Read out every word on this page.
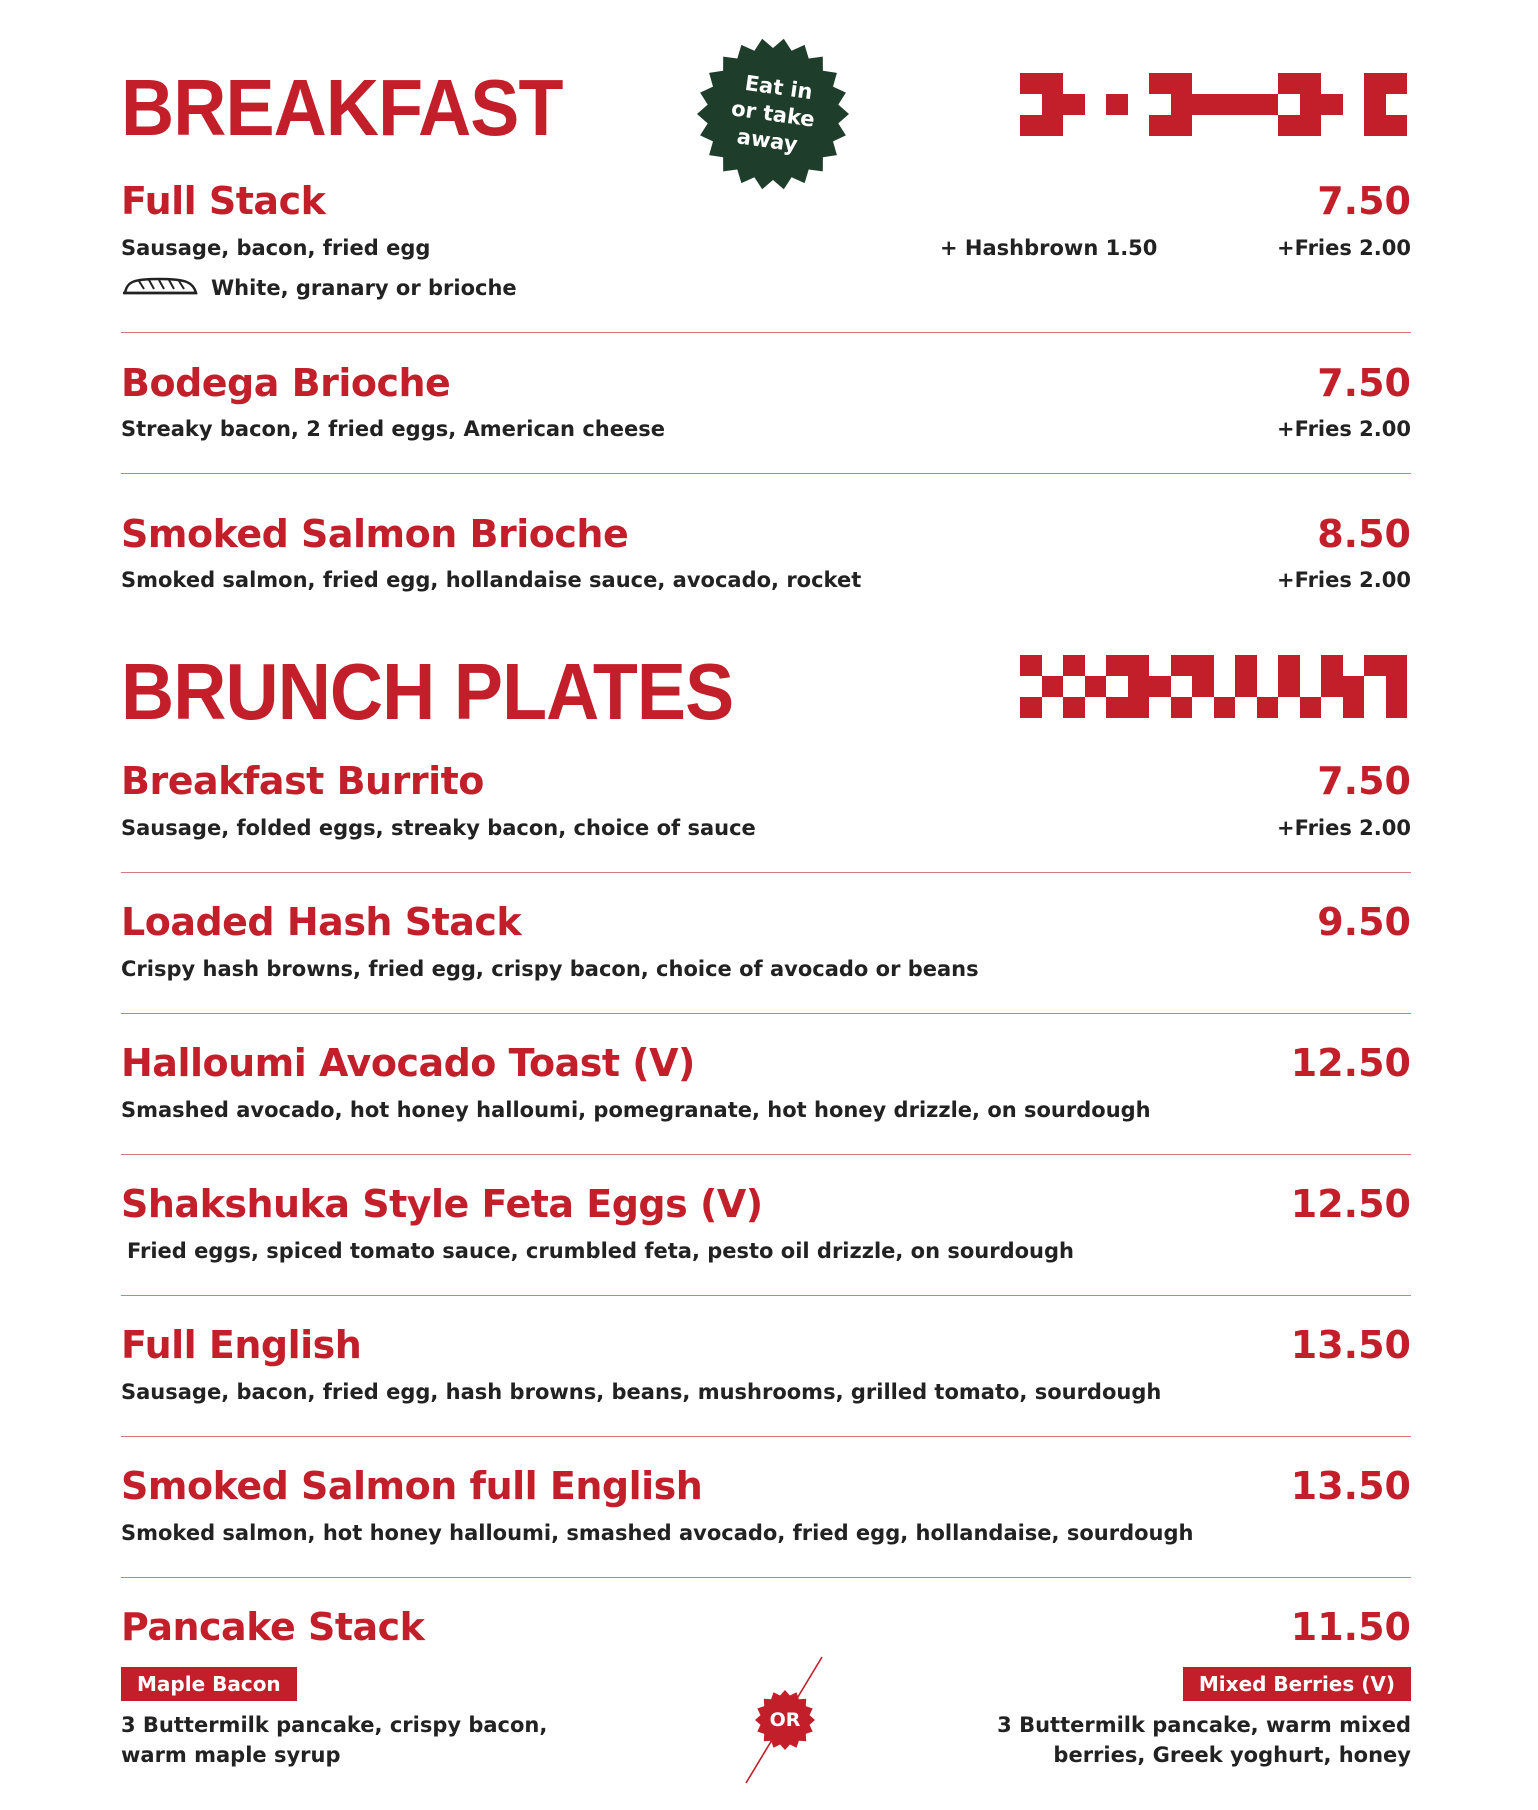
BREAKFAST	Eat in
or take
away
Full Stack	7.50
Sausage, bacon, fried egg	+ Hashbrown 1.50	+Fries 2.00
White, granary or brioche
Bodega Brioche	7.50
Streaky bacon, 2 fried eggs, American cheese	+Fries 2.00
Smoked Salmon Brioche	8.50
Smoked salmon, fried egg, hollandaise sauce, avocado, rocket	+Fries 2.00
BRUNCH PLATES
Breakfast Burrito	7.50
Sausage, folded eggs, streaky bacon, choice of sauce	+Fries 2.00
Loaded Hash Stack	9.50
Crispy hash browns, fried egg, crispy bacon, choice of avocado or beans
Halloumi Avocado Toast (V)	12.50
Smashed avocado, hot honey halloumi, pomegranate, hot honey drizzle, on sourdough
Shakshuka Style Feta Eggs (V)	12.50
Fried eggs, spiced tomato sauce, crumbled feta, pesto oil drizzle, on sourdough
Full English	13.50
Sausage, bacon, fried egg, hash browns, beans, mushrooms, grilled tomato, sourdough
Smoked Salmon full English	13.50
Smoked salmon, hot honey halloumi, smashed avocado, fried egg, hollandaise, sourdough
Pancake Stack	11.50
Maple Bacon
3 Buttermilk pancake, crispy bacon,
warm maple syrup
Mixed Berries (V)
3 Buttermilk pancake, warm mixed
berries, Greek yoghurt, honey
OR
